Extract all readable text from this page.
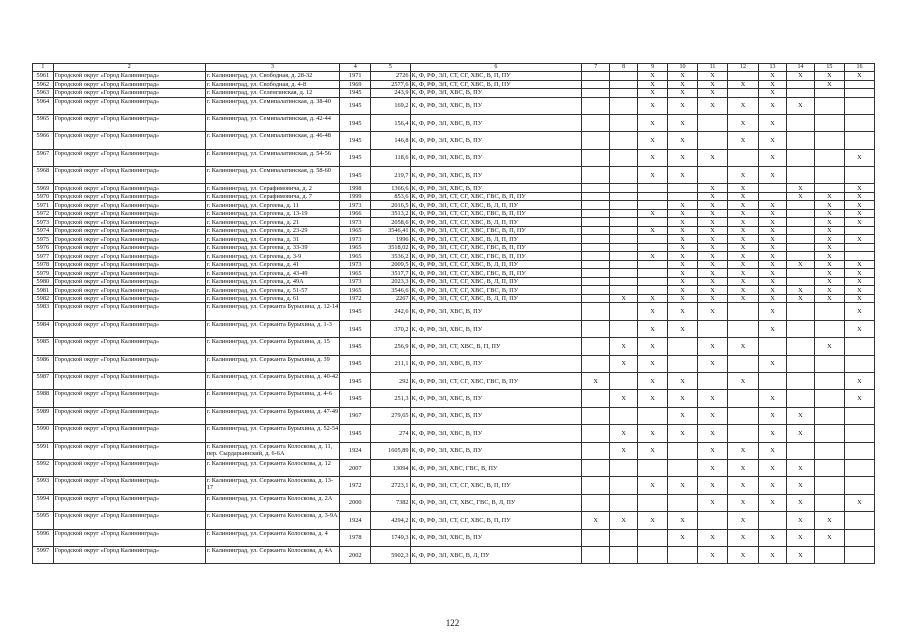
1	2	3	4	5	6	7	8	9	10	11	12	13	14	15	16
5961	Городской округ «Город Калининград»	г. Калининград, ул. Свободная, д. 28-32	1971	2726	К, Ф, РФ, ЭЛ, СТ, СГ, ХВС, В, П, ПУ			X	X	X		X	X	X	X
5962	Городской округ «Город Калининград»	г. Калининград, ул. Свободная, д. 4-8	1969	2577,6	К, Ф, РФ, ЭЛ, СТ, СГ, ХВС, В, П, ПУ			X	X	X	X	X		X	
5963	Городской округ «Город Калининград»	г. Калининград, ул. Селенгинская, д. 12	1945	243,9	К, Ф, РФ, ЭЛ, ХВС, В, ПУ			X	X	X		X			
5964	Городской округ «Город Калининград»	г. Калининград, ул. Семипалатинская, д. 38-40	1945	169,2	К, Ф, РФ, ЭЛ, ХВС, В, ПУ			X	X	X	X	X	X		
5965	Городской округ «Город Калининград»	г. Калининград, ул. Семипалатинская, д. 42-44	1945	156,4	К, Ф, РФ, ЭЛ, ХВС, В, ПУ			X	X		X	X			
5966	Городской округ «Город Калининград»	г. Калининград, ул. Семипалатинская, д. 46-48	1945	146,8	К, Ф, РФ, ЭЛ, ХВС, В, ПУ			X	X		X	X			
5967	Городской округ «Город Калининград»	г. Калининград, ул. Семипалатинская, д. 54-56	1945	118,6	К, Ф, РФ, ЭЛ, ХВС, В, ПУ			X	X	X		X			X
5968	Городской округ «Город Калининград»	г. Калининград, ул. Семипалатинская, д. 58-60	1945	219,7	К, Ф, РФ, ЭЛ, ХВС, В, ПУ			X	X		X	X			
5969	Городской округ «Город Калининград»	г. Калининград, ул. Серафимовича, д. 2	1998	1366,6	К, Ф, РФ, ЭЛ, ХВС, В, ПУ					X	X		X		X
5970	Городской округ «Город Калининград»	г. Калининград, ул. Серафимовича, д. 7	1999	853,6	К, Ф, РФ, ЭЛ, СТ, СГ, ХВС, ГВС, В, П, ПУ					X	X		X	X	X
5971	Городской округ «Город Калининград»	г. Калининград, ул. Сергеева, д. 11	1973	2016,5	К, Ф, РФ, ЭЛ, СТ, СГ, ХВС, В, Л, П, ПУ				X	X	X	X		X	X
5972	Городской округ «Город Калининград»	г. Калининград, ул. Сергеева, д. 13-19	1966	3513,2	К, Ф, РФ, ЭЛ, СТ, СГ, ХВС, ГВС, В, П, ПУ			X	X	X	X	X		X	X
5973	Городской округ «Город Калининград»	г. Калининград, ул. Сергеева, д. 21	1973	2058,6	К, Ф, РФ, ЭЛ, СТ, СГ, ХВС, В, Л, П, ПУ				X	X	X	X		X	X
5974	Городской округ «Город Калининград»	г. Калининград, ул. Сергеева, д. 23-29	1965	3546,41	К, Ф, РФ, ЭЛ, СТ, СГ, ХВС, ГВС, В, П, ПУ			X	X	X	X	X		X	
5975	Городской округ «Город Калининград»	г. Калининград, ул. Сергеева, д. 31	1973	1996	К, Ф, РФ, ЭЛ, СТ, СГ, ХВС, В, Л, П, ПУ				X	X	X	X		X	X
5976	Городской округ «Город Калининград»	г. Калининград, ул. Сергеева, д. 33-39	1965	3518,02	К, Ф, РФ, ЭЛ, СТ, СГ, ХВС, ГВС, В, П, ПУ				X	X	X	X		X	
5977	Городской округ «Город Калининград»	г. Калининград, ул. Сергеева, д. 3-9	1965	3536,2	К, Ф, РФ, ЭЛ, СТ, СГ, ХВС, ГВС, В, П, ПУ			X	X	X	X	X		X	
5978	Городской округ «Город Калининград»	г. Калининград, ул. Сергеева, д. 41	1973	2009,5	К, Ф, РФ, ЭЛ, СТ, СГ, ХВС, В, Л, П, ПУ				X	X	X	X	X	X	X
5979	Городской округ «Город Калининград»	г. Калининград, ул. Сергеева, д. 43-49	1965	3517,7	К, Ф, РФ, ЭЛ, СТ, СГ, ХВС, ГВС, В, П, ПУ				X	X	X	X		X	X
5980	Городской округ «Город Калининград»	г. Калининград, ул. Сергеева, д. 49А	1973	2023,3	К, Ф, РФ, ЭЛ, СТ, СГ, ХВС, В, Л, П, ПУ				X	X	X	X		X	X
5981	Городской округ «Город Калининград»	г. Калининград, ул. Сергеева, д. 51-57	1965	3546,6	К, Ф, РФ, ЭЛ, СТ, СГ, ХВС, ГВС, В, ПУ				X	X	X	X	X	X	X
5982	Городской округ «Город Калининград»	г. Калининград, ул. Сергеева, д. 61	1972	2267	К, Ф, РФ, ЭЛ, СТ, СГ, ХВС, В, Л, П, ПУ		X	X	X	X	X	X	X	X	X
5983	Городской округ «Город Калининград»	г. Калининград, ул. Сержанта Бурыхина, д. 12-14	1945	242,6	К, Ф, РФ, ЭЛ, ХВС, В, ПУ			X	X	X		X			X
5984	Городской округ «Город Калининград»	г. Калининград, ул. Сержанта Бурыхина, д. 1-3	1945	370,2	К, Ф, РФ, ЭЛ, ХВС, В, ПУ			X	X			X			X
5985	Городской округ «Город Калининград»	г. Калининград, ул. Сержанта Бурыхина, д. 15	1945	256,9	К, Ф, РФ, ЭЛ, СТ, ХВС, В, П, ПУ		X	X		X	X			X	
5986	Городской округ «Город Калининград»	г. Калининград, ул. Сержанта Бурыхина, д. 39	1945	211,1	К, Ф, РФ, ЭЛ, ХВС, В, ПУ		X	X		X		X			
5987	Городской округ «Город Калининград»	г. Калининград, ул. Сержанта Бурыхина, д. 40-42	1945	292	К, Ф, РФ, ЭЛ, СТ, СГ, ХВС, ГВС, В, ПУ	X		X	X		X				X
5988	Городской округ «Город Калининград»	г. Калининград, ул. Сержанта Бурыхина, д. 4-6	1945	251,3	К, Ф, РФ, ЭЛ, ХВС, В, ПУ		X	X	X	X		X			X
5989	Городской округ «Город Калининград»	г. Калининград, ул. Сержанта Бурыхина, д. 47-49	1967	279,65	К, Ф, РФ, ЭЛ, ХВС, В, ПУ				X	X		X	X		
5990	Городской округ «Город Калининград»	г. Калининград, ул. Сержанта Бурыхина, д. 52-54	1945	274	К, Ф, РФ, ЭЛ, ХВС, В, ПУ		X	X	X	X		X	X		
5991	Городской округ «Город Калининград»	г. Калининград, ул. Сержанта Колоскова, д. 11, пер. Сырдарьинский, д. 6-6А	1924	1605,89	К, Ф, РФ, ЭЛ, ХВС, В, ПУ		X	X		X	X	X			
5992	Городской округ «Город Калининград»	г. Калининград, ул. Сержанта Колоскова, д. 12	2007	13094	К, Ф, РФ, ЭЛ, ХВС, ГВС, В, ПУ					X	X	X	X		
5993	Городской округ «Город Калининград»	г. Калининград, ул. Сержанта Колоскова, д. 13-17	1972	2723,1	К, Ф, РФ, ЭЛ, СТ, СГ, ХВС, В, П, ПУ			X	X	X	X	X	X		
5994	Городской округ «Город Калининград»	г. Калининград, ул. Сержанта Колоскова, д. 2А	2000	7382	К, Ф, РФ, ЭЛ, СТ, ХВС, ГВС, В, Л, ПУ					X	X	X	X		X
5995	Городской округ «Город Калининград»	г. Калининград, ул. Сержанта Колоскова, д. 3-9А	1924	4294,2	К, Ф, РФ, ЭЛ, СТ, СГ, ХВС, В, П, ПУ	X	X	X	X		X		X	X	
5996	Городской округ «Город Калининград»	г. Калининград, ул. Сержанта Колоскова, д. 4	1978	1749,3	К, Ф, РФ, ЭЛ, ХВС, В, ПУ				X	X	X	X	X	X	
5997	Городской округ «Город Калининград»	г. Калининград, ул. Сержанта Колоскова, д. 4А	2002	5902,3	К, Ф, РФ, ЭЛ, ХВС, В, Л, ПУ					X	X	X	X		
122
